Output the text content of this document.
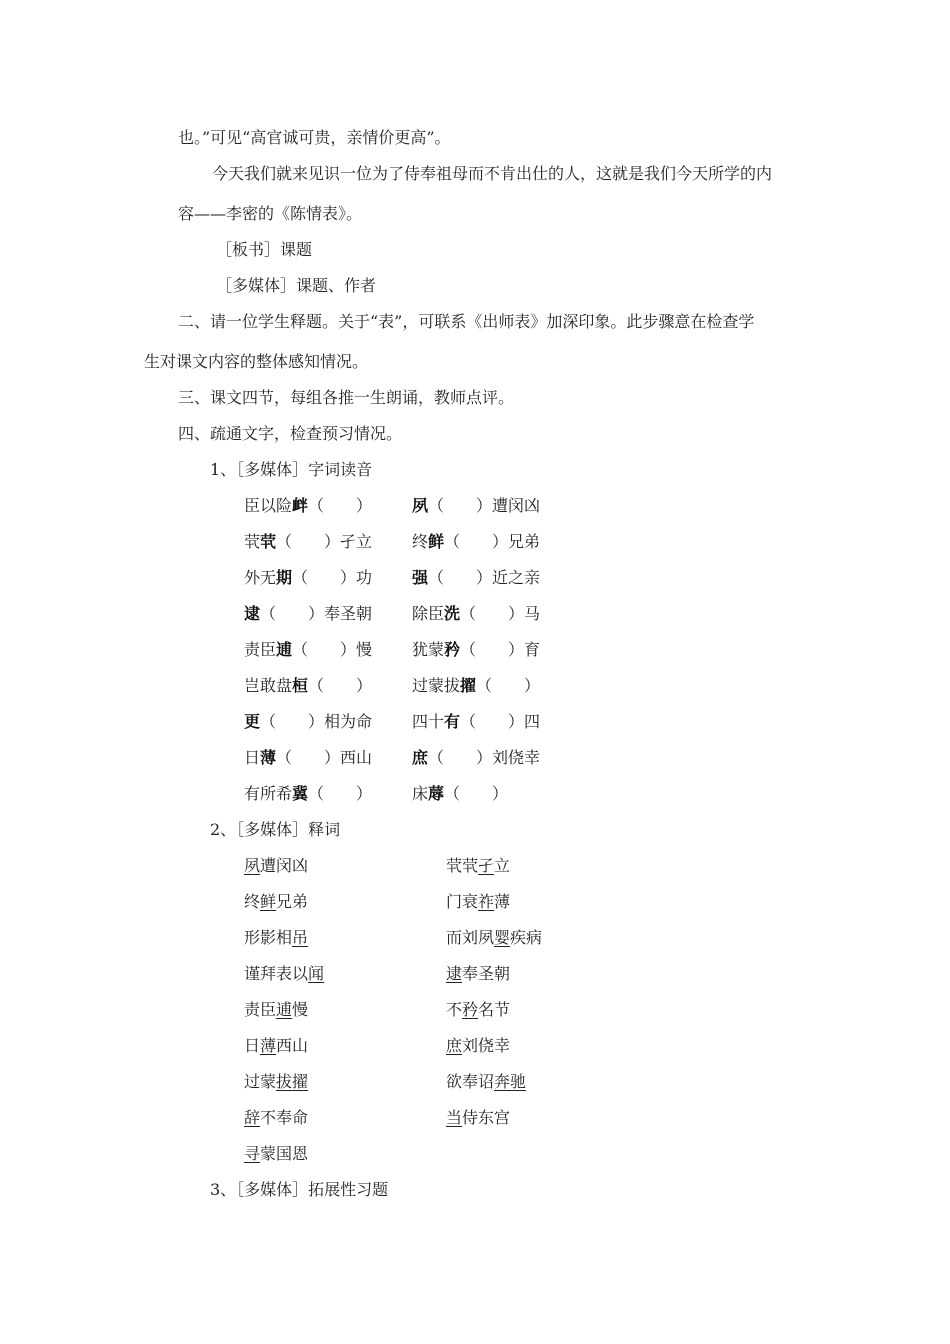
也。”可见“高官诚可贵，亲情价更高”。
今天我们就来见识一位为了侍奉祖母而不肯出仕的人，这就是我们今天所学的内
容——李密的《陈情表》。
［板书］课题
［多媒体］课题、作者
二、请一位学生释题。关于“表”，可联系《出师表》加深印象。此步骤意在检查学
生对课文内容的整体感知情况。
三、课文四节，每组各推一生朗诵，教师点评。
四、疏通文字，检查预习情况。
1、［多媒体］字词读音
臣以险衅（　　） 夙（　　）遭闵凶
茕茕（　　）孑立 终鲜（　　）兄弟
外无期（　　）功 强（　　）近之亲
逮（　　）奉圣朝 除臣洗（　　）马
责臣逋（　　）慢 犹蒙矜（　　）育
岂敢盘桓（　　） 过蒙拔擢（　　）
更（　　）相为命 四十有（　　）四
日薄（　　）西山 庶（　　）刘侥幸
有所希冀（　　） 床蓐（　　）
2、［多媒体］释词
夙遭闵凶	茕茕孑立
终鲜兄弟	门衰祚薄
形影相吊	而刘夙婴疾病
谨拜表以闻	逮奉圣朝
责臣逋慢	不矜名节
日薄西山	庶刘侥幸
过蒙拔擢	欲奉诏奔驰
辞不奉命	当侍东宫
寻蒙国恩
3、［多媒体］拓展性习题
